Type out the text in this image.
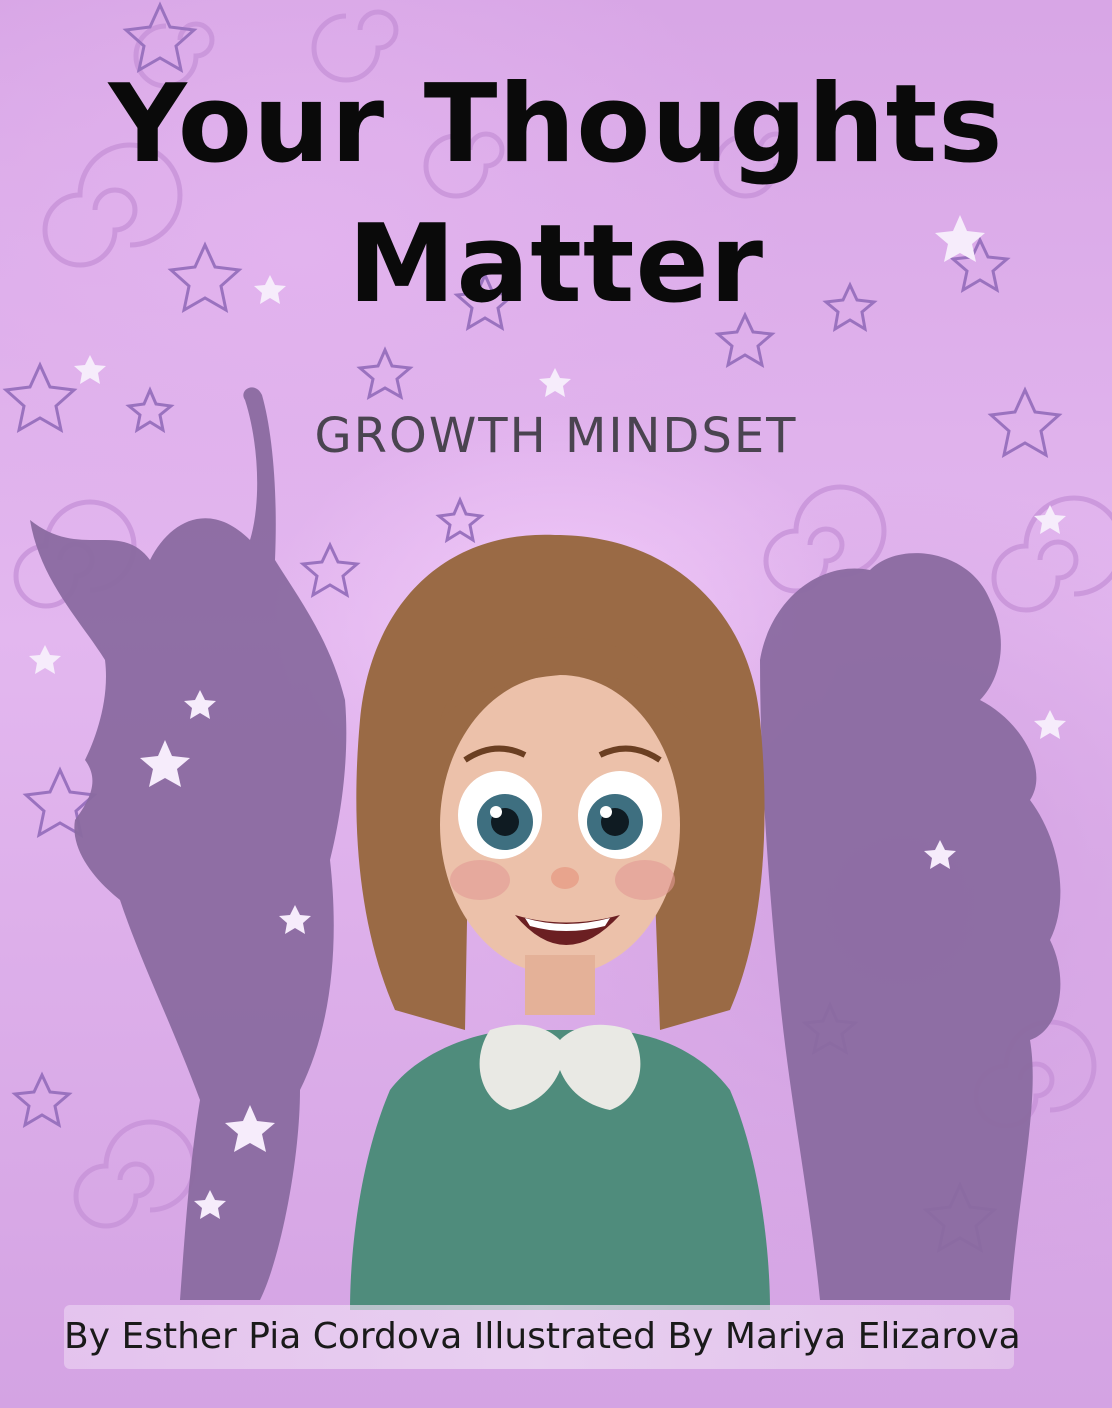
Your Thoughts
Matter

GROWTH MINDSET

By Esther Pia Cordova Illustrated By Mariya Elizarova
